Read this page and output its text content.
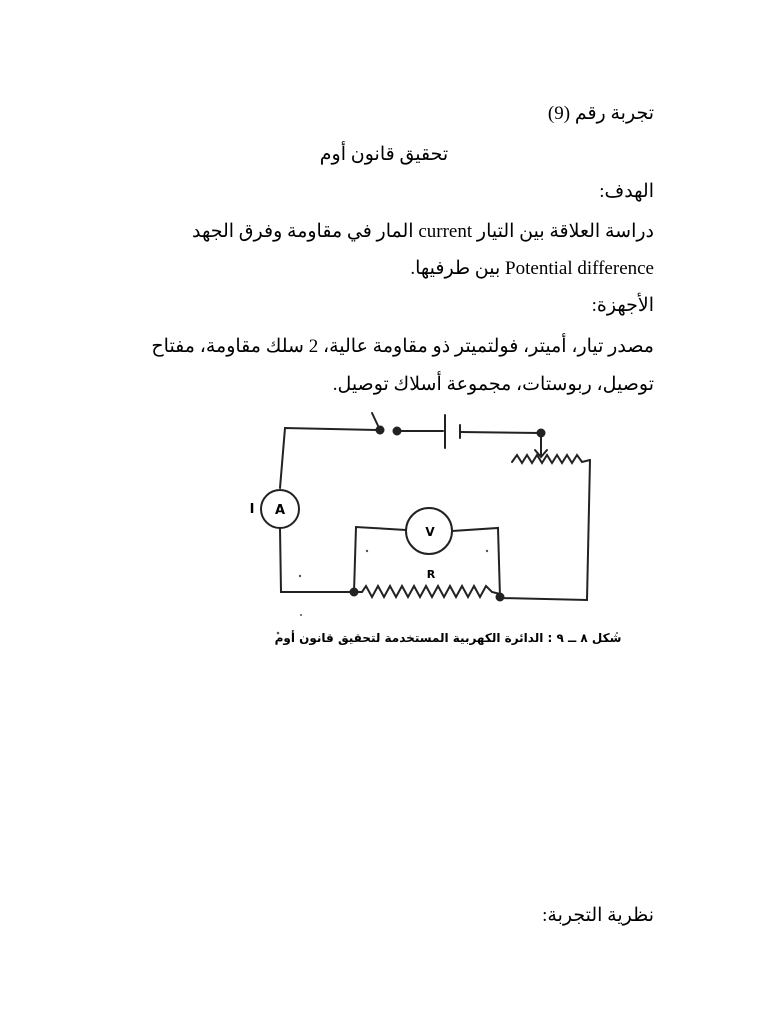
تجربة رقم (9)
تحقيق قانون أوم
الهدف:
دراسة العلاقة بين التيار current المار في مقاومة وفرق الجهد
Potential difference بين طرفيها.
الأجهزة:
مصدر تيار، أميتر، فولتميتر ذو مقاومة عالية، 2 سلك مقاومة، مفتاح
توصيل، ربوستات، مجموعة أسلاك توصيل.
A
I
V
R
شكل ٨ ــ ٩ : الدائرة الكهربية المستخدمة لتحقيق قانون أوم
نظرية التجربة:
